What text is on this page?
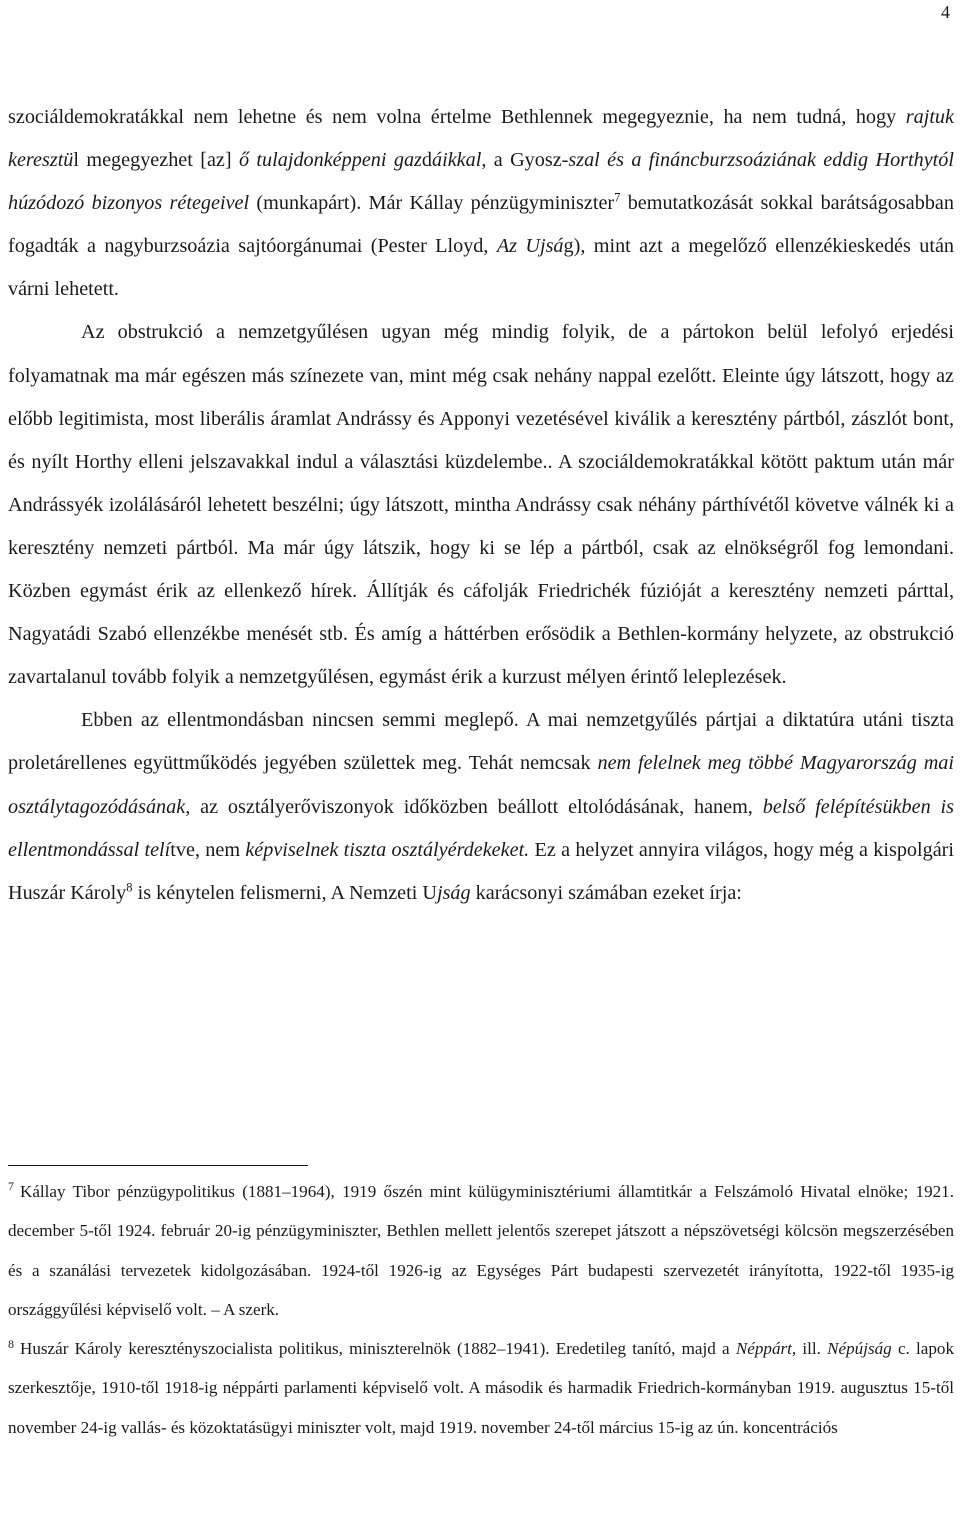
4

szociáldemokratákkal nem lehetne és nem volna értelme Bethlennek megegyeznie, ha nem tudná, hogy rajtuk keresztül megegyezhet [az] ő tulajdonképpeni gazdáikkal, a Gyosz-szal és a fináncburzsoáziának eddig Horthytól húzódozó bizonyos rétegeivel (munkapárt). Már Kállay pénzügyminiszter$^7$ bemutatkozását sokkal barátságosabban fogadták a nagyburzsoázia sajtóorgánumai (Pester Lloyd, Az Ujság), mint azt a megelőző ellenzékieskedés után várni lehetett.

Az obstrukció a nemzetgyűlésen ugyan még mindig folyik, de a pártokon belül lefolyó erjedési folyamatnak ma már egészen más színezete van, mint még csak nehány nappal ezelőtt. Eleinte úgy látszott, hogy az előbb legitimista, most liberális áramlat Andrássy és Apponyi vezetésével kiválik a keresztény pártból, zászlót bont, és nyílt Horthy elleni jelszavakkal indul a választási küzdelembe.. A szociáldemokratákkal kötött paktum után már Andrássyék izolálásáról lehetett beszélni; úgy látszott, mintha Andrássy csak néhány párthívétől követve válnék ki a keresztény nemzeti pártból. Ma már úgy látszik, hogy ki se lép a pártból, csak az elnökségről fog lemondani. Közben egymást érik az ellenkező hírek. Állítják és cáfolják Friedrichék fúzióját a keresztény nemzeti párttal, Nagyatádi Szabó ellenzékbe menését stb. És amíg a háttérben erősödik a Bethlen-kormány helyzete, az obstrukció zavartalanul tovább folyik a nemzetgyűlésen, egymást érik a kurzust mélyen érintő leleplezések.

Ebben az ellentmondásban nincsen semmi meglepő. A mai nemzetgyűlés pártjai a diktatúra utáni tiszta proletárellenes együttműködés jegyében születtek meg. Tehát nemcsak nem felelnek meg többé Magyarország mai osztálytagozódásának, az osztályerőviszonyok időközben beállott eltolódásának, hanem, belső felépítésükben is ellentmondással telítve, nem képviselnek tiszta osztályérdekeket. Ez a helyzet annyira világos, hogy még a kispolgári Huszár Károly$^8$ is kénytelen felismerni, A Nemzeti Ujság karácsonyi számában ezeket írja:

$^7$ Kállay Tibor pénzügypolitikus (1881–1964), 1919 őszén mint külügyminisztériumi államtitkár a Felszámoló Hivatal elnöke; 1921. december 5-től 1924. február 20-ig pénzügyminiszter, Bethlen mellett jelentős szerepet játszott a népszövetségi kölcsön megszerzésében és a szanálási tervezetek kidolgozásában. 1924-től 1926-ig az Egységes Párt budapesti szervezetét irányította, 1922-től 1935-ig országgyűlési képviselő volt. – A szerk.

$^8$ Huszár Károly keresztényszocialista politikus, miniszterelnök (1882–1941). Eredetileg tanító, majd a Néppárt, ill. Népújság c. lapok szerkesztője, 1910-től 1918-ig néppárti parlamenti képviselő volt. A második és harmadik Friedrich-kormányban 1919. augusztus 15-től november 24-ig vallás- és közoktatásügyi miniszter volt, majd 1919. november 24-től március 15-ig az ún. koncentrációs
